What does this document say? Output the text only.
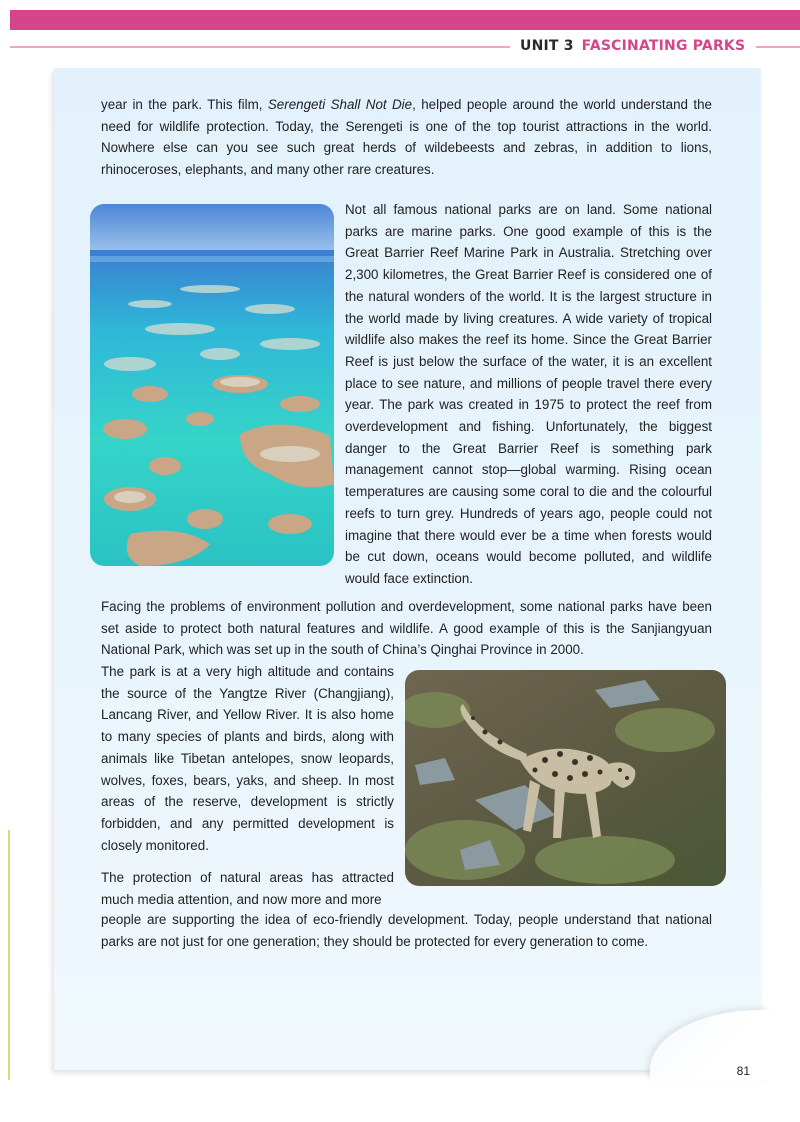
UNIT 3 FASCINATING PARKS

year in the park. This film, Serengeti Shall Not Die, helped people around the world understand the need for wildlife protection. Today, the Serengeti is one of the top tourist attractions in the world. Nowhere else can you see such great herds of wildebeests and zebras, in addition to lions, rhinoceroses, elephants, and many other rare creatures.

Not all famous national parks are on land. Some national parks are marine parks. One good example of this is the Great Barrier Reef Marine Park in Australia. Stretching over 2,300 kilometres, the Great Barrier Reef is considered one of the natural wonders of the world. It is the largest structure in the world made by living creatures. A wide variety of tropical wildlife also makes the reef its home. Since the Great Barrier Reef is just below the surface of the water, it is an excellent place to see nature, and millions of people travel there every year. The park was created in 1975 to protect the reef from overdevelopment and fishing. Unfortunately, the biggest danger to the Great Barrier Reef is something park management cannot stop—global warming. Rising ocean temperatures are causing some coral to die and the colourful reefs to turn grey. Hundreds of years ago, people could not imagine that there would ever be a time when forests would be cut down, oceans would become polluted, and wildlife would face extinction.

Facing the problems of environment pollution and overdevelopment, some national parks have been set aside to protect both natural features and wildlife. A good example of this is the Sanjiangyuan National Park, which was set up in the south of China’s Qinghai Province in 2000.

The park is at a very high altitude and contains the source of the Yangtze River (Changjiang), Lancang River, and Yellow River. It is also home to many species of plants and birds, along with animals like Tibetan antelopes, snow leopards, wolves, foxes, bears, yaks, and sheep. In most areas of the reserve, development is strictly forbidden, and any permitted development is closely monitored.

The protection of natural areas has attracted much media attention, and now more and more

people are supporting the idea of eco-friendly development. Today, people understand that national parks are not just for one generation; they should be protected for every generation to come.

81
